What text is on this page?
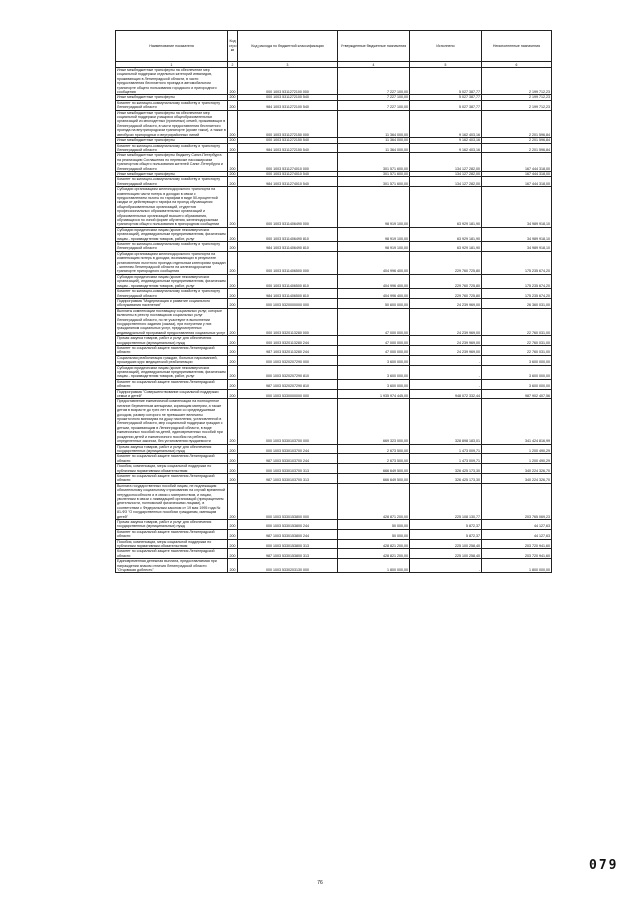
Наименование показателя	Код стро ки	Код расхода по бюджетной классификации	Утвержденные бюджетные назначения	Исполнено	Неисполненные назначения
1	2	3	4	5	6
Иные межбюджетные трансферты на обеспечение мер социальной поддержки отдельных категорий инвалидов, проживающих в Ленинградской области, в части предоставления бесплатного проезда в автомобильном транспорте общего пользования городского и пригородного сообщения	200	000 1003 5311272100 000	7 227 100,00	5 027 387,77	2 199 712,23
Иные межбюджетные трансферты	200	000 1003 5311272100 540	7 227 100,00	5 027 387,77	2 199 712,23
Комитет по жилищно-коммунальному хозяйству и транспорту Ленинградской области	200	984 1003 5311272100 540	7 227 100,00	5 027 387,77	2 199 712,23
Иные межбюджетные трансферты на обеспечение мер социальной поддержки учащихся общеобразовательных организаций из многодетных (приемных) семей, проживающих в Ленинградской области, в части предоставления бесплатного проезда на внутригородском транспорте (кроме такси), а также в автобусах пригородных и внутрирайонных линий	200	000 1003 5311272150 000	11 364 000,00	9 162 403,16	2 201 596,84
Иные межбюджетные трансферты	200	000 1003 5311272150 540	11 364 000,00	9 162 403,16	2 201 596,84
Комитет по жилищно-коммунальному хозяйству и транспорту Ленинградской области	200	984 1003 5311272150 540	11 364 000,00	9 162 403,16	2 201 596,84
Иные межбюджетные трансферты бюджету Санкт-Петербурга на реализацию Соглашения по перевозке пассажирским транспортом общего пользования жителей Санкт-Петербурга и Ленинградской области	200	000 1003 5311274010 000	301 571 600,00	134 127 282,00	167 444 318,00
Иные межбюджетные трансферты	200	000 1003 5311274010 540	301 571 600,00	134 127 282,00	167 444 318,00
Комитет по жилищно-коммунальному хозяйству и транспорту Ленинградской области	200	984 1003 5311274010 540	301 571 600,00	134 127 282,00	167 444 318,00
Субсидии организациям железнодорожного транспорта на компенсацию части потерь в доходах в связи с предоставлением льготы по тарифам в виде 50-процентной скидки от действующего тарифа на проезд обучающихся общеобразовательных организаций, студентов профессиональных образовательных организаций и образовательных организаций высшего образования, обучающихся по очной форме обучения, железнодорожным транспортом общего пользования в пригородном сообщении	200	000 1003 5311406490 000	98 919 100,00	63 929 181,90	34 989 918,10
Субсидии юридическим лицам (кроме некоммерческих организаций), индивидуальным предпринимателям, физическим лицам - производителям товаров, работ, услуг	200	000 1003 5311406490 810	98 919 100,00	63 929 181,90	34 989 918,10
Комитет по жилищно-коммунальному хозяйству и транспорту Ленинградской области	200	984 1003 5311406490 810	98 919 100,00	63 929 181,90	34 989 918,10
Субсидии организациям железнодорожного транспорта на компенсацию потерь в доходах, возникающих в результате установления льготного проезда отдельным категориям граждан - жителям Ленинградской области на железнодорожном транспорте пригородного сообщения	200	000 1003 5311406500 000	404 996 400,00	229 760 725,80	175 235 674,20
Субсидии юридическим лицам (кроме некоммерческих организаций), индивидуальным предпринимателям, физическим лицам - производителям товаров, работ, услуг	200	000 1003 5311406500 810	404 996 400,00	229 760 725,80	175 235 674,20
Комитет по жилищно-коммунальному хозяйству и транспорту Ленинградской области	200	984 1003 5311406500 810	404 996 400,00	229 760 725,80	175 235 674,20
Подпрограмма "Модернизация и развитие социального обслуживания населения"	200	000 1003 5320000000 000	50 600 000,00	24 239 969,00	26 360 031,00
Выплаты компенсации поставщику социальных услуг, которые включены в реестр поставщиков социальных услуг Ленинградской области, но не участвуют в выполнении государственного задания (заказа), при получении у них гражданином социальных услуг, предусмотренных индивидуальной программой предоставления социальных услуг	200	000 1003 5320113280 000	47 000 000,00	24 239 969,00	22 760 031,00
Прочая закупка товаров, работ и услуг для обеспечения государственных (муниципальных) нужд	200	000 1003 5320113280 244	47 000 000,00	24 239 969,00	22 760 031,00
Комитет по социальной защите населения Ленинградской области	200	987 1003 5320113280 244	47 000 000,00	24 239 969,00	22 760 031,00
Социальная реабилитация граждан, больных наркоманией, прошедших курс медицинской реабилитации	200	000 1003 5320207290 000	3 600 000,00	-	3 600 000,00
Субсидии юридическим лицам (кроме некоммерческих организаций), индивидуальным предпринимателям, физическим лицам - производителям товаров, работ, услуг	200	000 1003 5320207290 810	3 600 000,00	-	3 600 000,00
Комитет по социальной защите населения Ленинградской области	200	987 1003 5320207290 810	3 600 000,00	-	3 600 000,00
Подпрограмма "Совершенствование социальной поддержки семьи и детей"	200	000 1003 5330000000 000	1 935 974 445,00	948 072 332,44	987 902 407,56
Предоставление ежемесячной компенсации на полноценное питание беременным женщинам, кормящим матерям, а также детям в возрасте до трех лет в семьях со среднедушевым доходом, размер которого не превышает величины прожиточного минимума на душу населения, установленной в Ленинградской области, мер социальной поддержки граждан с детьми, проживающим в Ленинградской области, в виде ежемесячных пособий на детей, единовременных пособий при рождении детей и ежемесячного пособия на ребенка, определенных законом, без установления нуждаемости	200	000 1003 5330103700 000	669 323 000,00	328 898 183,01	341 424 816,99
Прочая закупка товаров, работ и услуг для обеспечения государственных (муниципальных) нужд	200	000 1003 5330103700 244	2 673 500,00	1 473 009,71	1 200 490,29
Комитет по социальной защите населения Ленинградской области	200	987 1003 5330103700 244	2 673 500,00	1 473 009,71	1 200 490,29
Пособия, компенсации, меры социальной поддержки по публичным нормативным обязательствам	200	000 1003 5330103700 313	666 649 500,00	326 425 173,30	340 224 326,70
Комитет по социальной защите населения Ленинградской области	200	987 1003 5330103700 313	666 649 500,00	326 425 173,30	340 224 326,70
Выплата государственных пособий лицам, не подлежащим обязательному социальному страхованию на случай временной нетрудоспособности и в связи с материнством, и лицам, уволенным в связи с ликвидацией организаций (прекращением деятельности, полномочий физическими лицами), в соответствии с Федеральным законом от 19 мая 1995 года № 81-ФЗ "О государственных пособиях гражданам, имеющим детей"	200	000 1003 5330153800 000	428 871 200,00	225 108 130,77	203 765 069,23
Прочая закупка товаров, работ и услуг для обеспечения государственных (муниципальных) нужд	200	000 1003 5330153800 244	50 000,00	5 872,37	44 127,63
Комитет по социальной защите населения Ленинградской области	200	987 1003 5330153800 244	50 000,00	5 872,37	44 127,63
Пособия, компенсации, меры социальной поддержки по публичным нормативным обязательствам	200	000 1003 5330153800 313	428 821 200,00	225 100 258,40	203 720 941,60
Комитет по социальной защите населения Ленинградской области	200	987 1003 5330153800 313	428 821 200,00	225 100 258,40	203 720 941,60
Единовременная денежная выплата, предоставляемая при награждении знаком отличия Ленинградской области "Отцовская доблесть"	200	000 1003 5330203130 000	1 800 000,00	-	1 800 000,00
76
079
